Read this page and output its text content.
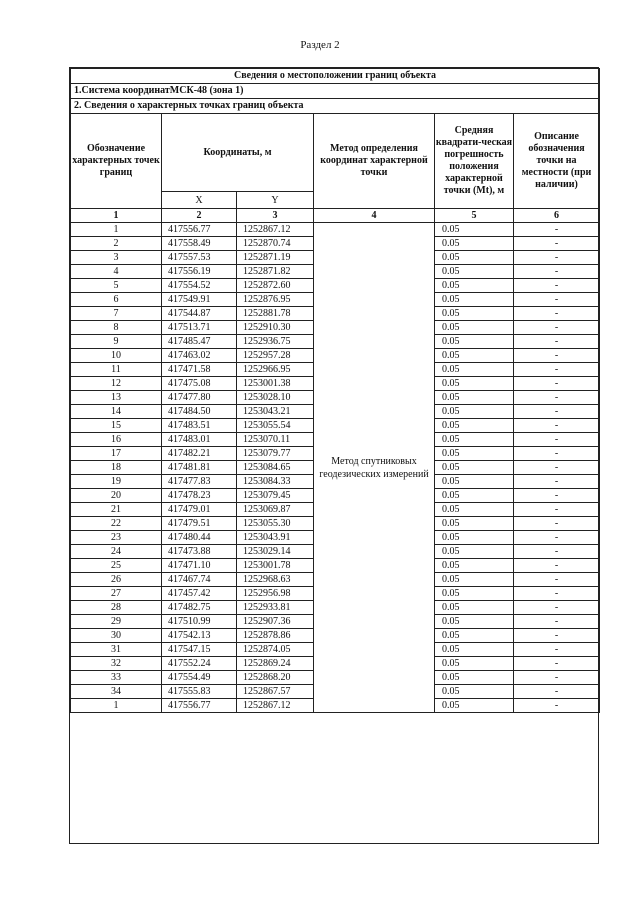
Раздел 2
Сведения о местоположении границ объекта					
1.Система координатМСК-48 (зона 1)					
2. Сведения о характерных точках границ объекта					
Обозначение характерных точек границ	Координаты, м		Метод определения координат характерной точки	Средняя квадрати-ческая погрешность положения характерной точки (Mt), м	Описание обозначения точки на местности (при наличии)
	X	Y			
1	2	3	4	5	6
1	417556.77	1252867.12	Метод спутниковых геодезических измерений	0.05	-
2	417558.49	1252870.74		0.05	-
3	417557.53	1252871.19		0.05	-
4	417556.19	1252871.82		0.05	-
5	417554.52	1252872.60		0.05	-
6	417549.91	1252876.95		0.05	-
7	417544.87	1252881.78		0.05	-
8	417513.71	1252910.30		0.05	-
9	417485.47	1252936.75		0.05	-
10	417463.02	1252957.28		0.05	-
11	417471.58	1252966.95		0.05	-
12	417475.08	1253001.38		0.05	-
13	417477.80	1253028.10		0.05	-
14	417484.50	1253043.21		0.05	-
15	417483.51	1253055.54		0.05	-
16	417483.01	1253070.11		0.05	-
17	417482.21	1253079.77		0.05	-
18	417481.81	1253084.65		0.05	-
19	417477.83	1253084.33		0.05	-
20	417478.23	1253079.45		0.05	-
21	417479.01	1253069.87		0.05	-
22	417479.51	1253055.30		0.05	-
23	417480.44	1253043.91		0.05	-
24	417473.88	1253029.14		0.05	-
25	417471.10	1253001.78		0.05	-
26	417467.74	1252968.63		0.05	-
27	417457.42	1252956.98		0.05	-
28	417482.75	1252933.81		0.05	-
29	417510.99	1252907.36		0.05	-
30	417542.13	1252878.86		0.05	-
31	417547.15	1252874.05		0.05	-
32	417552.24	1252869.24		0.05	-
33	417554.49	1252868.20		0.05	-
34	417555.83	1252867.57		0.05	-
1	417556.77	1252867.12		0.05	-
